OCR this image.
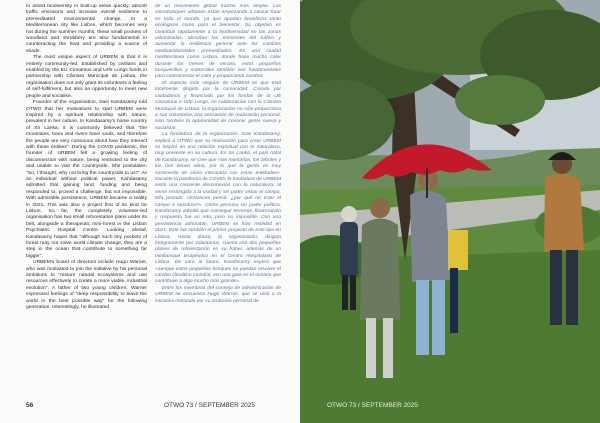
to assist biodiversity in built-up areas quickly, absorb traffic emissions and increase overall resilience to premeditated environmental change. In a Mediterranean city like Lisbon, which becomes very hot during the summer months, these small pockets of woodland and shrubbery are also fundamental in counteracting the heat and providing a source of shade.

The most unique aspect of URBEM is that it is entirely community-led. Established by civilians and enabled by the EU Cinnamus and Urfe Lungs funds in partnership with Câmara Municipal de Lisboa, the organisation does not only grant its volunteers a feeling of self-fulfilment, but also an opportunity to meet new people and socialise.

Founder of the organisation, Sasi Kandasamy told OTWO that her motivations to start URBEM were inspired by a spiritual relationship with nature, prevalent in her culture. In Kandasamy's home country of Sri Lanka, it is commonly believed that "the mountains, trees and rivers have souls, and therefore the people are very conscious about how they interact with these entities". During the COVID pandemic, the founder of URBEM felt a growing feeling of disconnection with nature, being restricted to the city and unable to visit the countryside. She postulates: "So, I thought, why not bring the countryside to us?" As an individual without political power, Kandasamy admitted that gaining land, funding and being responded to, proved a challenge, but not impossible. With admirable persistence, URBEM became a reality in 2021. This was also a project first of its kind for Lisbon. So far, the completely volunteer-led organisation has two small reforestation plans under its belt, alongside a therapeutic mini-forest in the Lisbon Psychiatric Hospital Centre. Looking ahead, Kandasamy hopes that "although such tiny pockets of forest may not solve world climate change, they are a step in the ocean that contribute to something far bigger".

URBEM's board of directors include Hugo Warner, who was motivated to join the initiative by his personal ambitions to "restore natural ecosystems and use resources effectively to create a more viable, industrial evolution". A father of two young children, Warner expressed feelings of "deep responsibility to leave the world in the best possible way" for the following generation. Interestingly, he illustrated

de un movimiento global mucho más amplio. Los microbosques urbanos están empezando a causar furor en todo el mundo, ya que aportan beneficios tanto ecológicos como para el bienestar. Su objetivo es contribuir rápidamente a la biodiversidad en las zonas urbanizadas, absorber las emisiones del tráfico y aumentar la resiliencia general ante los cambios medioambientales premeditados. En una ciudad mediterránea como Lisboa, donde hace mucho calor durante los meses de verano, estos pequeños bosquecillos y matorrales también son fundamentales para contrarrestar el calor y proporcionar sombra.

El aspecto más singular de URBEM es que está totalmente dirigido por la comunidad. Creado por ciudadanos y financiado por los fondos de la UE Cinnamus e Urfe Lungs, en colaboración con la Câmara Municipal de Lisboa, la organización no sólo proporciona a sus voluntarios una sensación de realización personal, sino también la oportunidad de conocer gente nueva y socializar.

La fundadora de la organización, Sasi Kandasamy, explicó a OTWO que su motivación para crear URBEM se inspiró en una relación espiritual con la naturaleza, muy presente en su cultura. En Sri Lanka, el país natal de Kandasamy, se cree que «las montañas, los árboles y los ríos tienen alma, por lo que la gente es muy consciente de cómo interactúa con estas entidades». Durante la pandemia de COVID, la fundadora de URBEM sintió una creciente desconexión con la naturaleza, al verse restringida a la ciudad y sin poder visitar el campo. Ella postula: «Entonces pensé, ¿por qué no traer el campo a nosotros?». Como persona sin poder político, Kandasamy admitió que conseguir terrenos, financiación y respuesta fue un reto, pero no imposible. Con una persistencia admirable, URBEM se hizo realidad en 2021. Este fue también el primer proyecto de este tipo en Lisboa. Hasta ahora, la organización, dirigida íntegramente por voluntarios, cuenta con dos pequeños planes de reforestación en su haber, además de un minibosque terapéutico en el Centro Hospitalario de Lisboa. De cara al futuro, Kandasamy espera que «aunque estos pequeños bosques no puedan resolver el cambio climático mundial, son una gota en el océano que contribuye a algo mucho más grande».

Entre los miembros del consejo de administración de URBEM se encuentra Hugo Warner, que se unió a la iniciativa motivado por su ambición personal de

56	OTWO 73 / SEPTEMBER 2025	OTWO 73 / SEPTEMBER 2025
